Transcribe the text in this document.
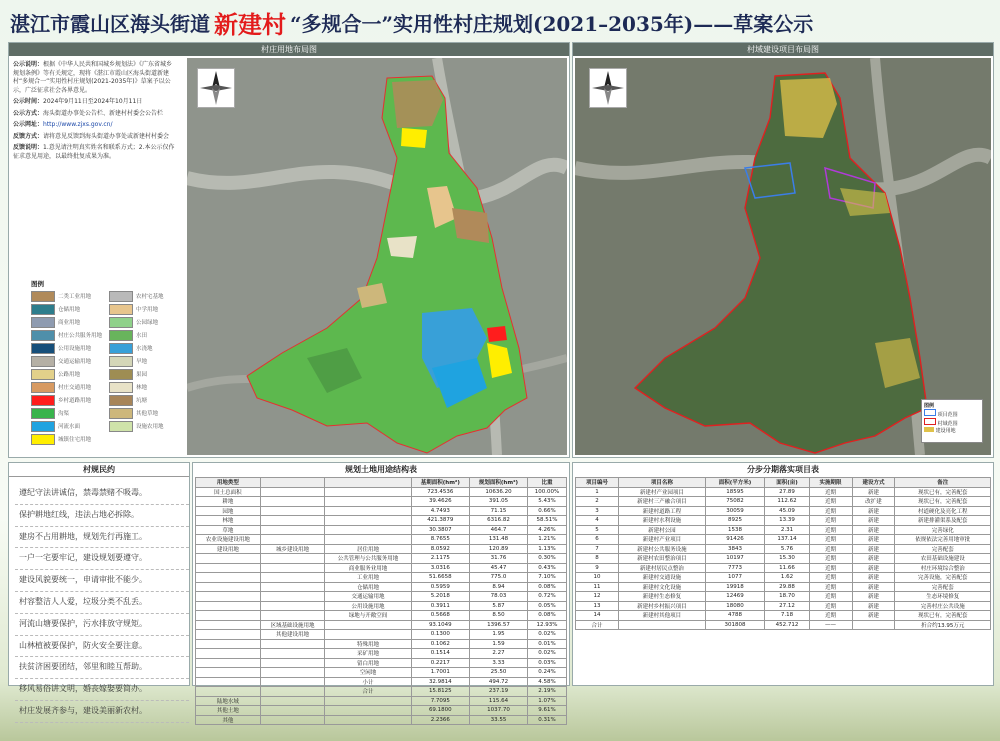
湛江市霞山区海头街道 新建村 “多规合一”实用性村庄规划(2021–2035年)——草案公示
村庄用地布局图

公示说明：根据《中华人民共和国城乡规划法》《广东省城乡规划条例》等有关规定，现将《湛江市霞山区海头街道新建村“多规合一”实用性村庄规划(2021-2035年)》草案予以公示，广泛征求社会各界意见。

公示时间：2024年9月11日至2024年10月11日

公示方式：海头街道办事处公告栏、新建村村委会公告栏

公示网址：http://www.zjxs.gov.cn/

反馈方式：请将意见反馈到海头街道办事处或新建村村委会

反馈说明：1.意见请注明真实姓名和联系方式；2.本公示仅作征求意见用途，以最终批复成果为准。

图例
二类工业用地	农村宅基地
仓储用地	中学用地
商业用地	公园绿地
村庄公共服务用地	水田
公用设施用地	水浇地
交通运输用地	旱地
公路用地	果园
村庄交通用地	林地
乡村道路用地	坑塘
沟渠	其他草地
河流水面	设施农用地
城镇住宅用地
村域建设项目布局图
图例
项目范围
村域范围
建设用地
村规民约
遵纪守法讲诚信，禁毒禁赌不吸毒。
保护耕地红线，违法占地必拆除。
建房不占用耕地，规划先行再施工。
一户一宅要牢记，建设规划要遵守。
建设风貌要统一，申请审批不能少。
村容整洁人人爱，垃圾分类不乱丢。
河流山塘要保护，污水排放守规矩。
山林植被要保护，防火安全要注意。
扶贫济困要团结，邻里和睦互帮助。
移风易俗讲文明，婚丧嫁娶要简办。
村庄发展齐参与，建设美丽新农村。
规划土地用途结构表
用地类型			基期面积(hm²)	规划面积(hm²)	比重
国土总面积			723.4536	10636.20	100.00%
耕地			39.4626	391.05	5.43%
园地			4.7493	71.15	0.66%
林地			421.3879	6316.82	58.51%
草地			30.3807	464.7	4.26%
农业设施建设用地			8.7655	131.48	1.21%
建设用地	城乡建设用地	居住用地	8.0592	120.89	1.13%
		公共管理与公共服务用地	2.1175	31.76	0.30%
		商业服务业用地	3.0316	45.47	0.43%
		工业用地	51.6658	775.0	7.10%
		仓储用地	0.5959	8.94	0.08%
		交通运输用地	5.2018	78.03	0.72%
		公用设施用地	0.3911	5.87	0.05%
		绿地与开敞空间	0.5668	8.50	0.08%
	区域基础设施用地		93.1049	1396.57	12.93%
	其他建设用地		0.1300	1.95	0.02%
		特殊用地	0.1062	1.59	0.01%
		采矿用地	0.1514	2.27	0.02%
		留白用地	0.2217	3.33	0.03%
		空闲地	1.7001	25.50	0.24%
		小计	32.9814	494.72	4.58%
		合计	15.8125	237.19	2.19%
陆地水域			7.7095	115.64	1.07%
其他土地			69.1800	1037.70	9.61%
其他			2.2366	33.55	0.31%
分步分期落实项目表
项目编号	项目名称	面积(平方米)	面积(亩)	实施期限	建设方式	备注
1	新建村产业园项目	18595	27.89	近期	新建	现状已有，完善配套
2	新建村三产融合项目	75082	112.62	近期	改扩建	现状已有，完善配套
3	新建村道路工程	30059	45.09	近期	新建	村道硬化及亮化工程
4	新建村水利设施	8925	13.39	近期	新建	新建排灌渠系及配套
5	新建村公园	1538	2.31	近期	新建	完善绿化
6	新建村产业项目	91426	137.14	近期	新建	依规依法完善用地审批
7	新建村公共服务设施	3843	5.76	近期	新建	完善配套
8	新建村农田整治项目	10197	15.30	近期	新建	农田基础设施建设
9	新建村居民点整治	7773	11.66	近期	新建	村庄环境综合整治
10	新建村交通设施	1077	1.62	近期	新建	完善设施，完善配套
11	新建村文化设施	19918	29.88	近期	新建	完善配套
12	新建村生态修复	12469	18.70	近期	新建	生态环境修复
13	新建村乡村振兴项目	18080	27.12	近期	新建	完善村庄公共设施
14	新建村其他项目	4788	7.18	近期	新建	现状已有，完善配套
合计		301808	452.712	——		折合约13.95万元
